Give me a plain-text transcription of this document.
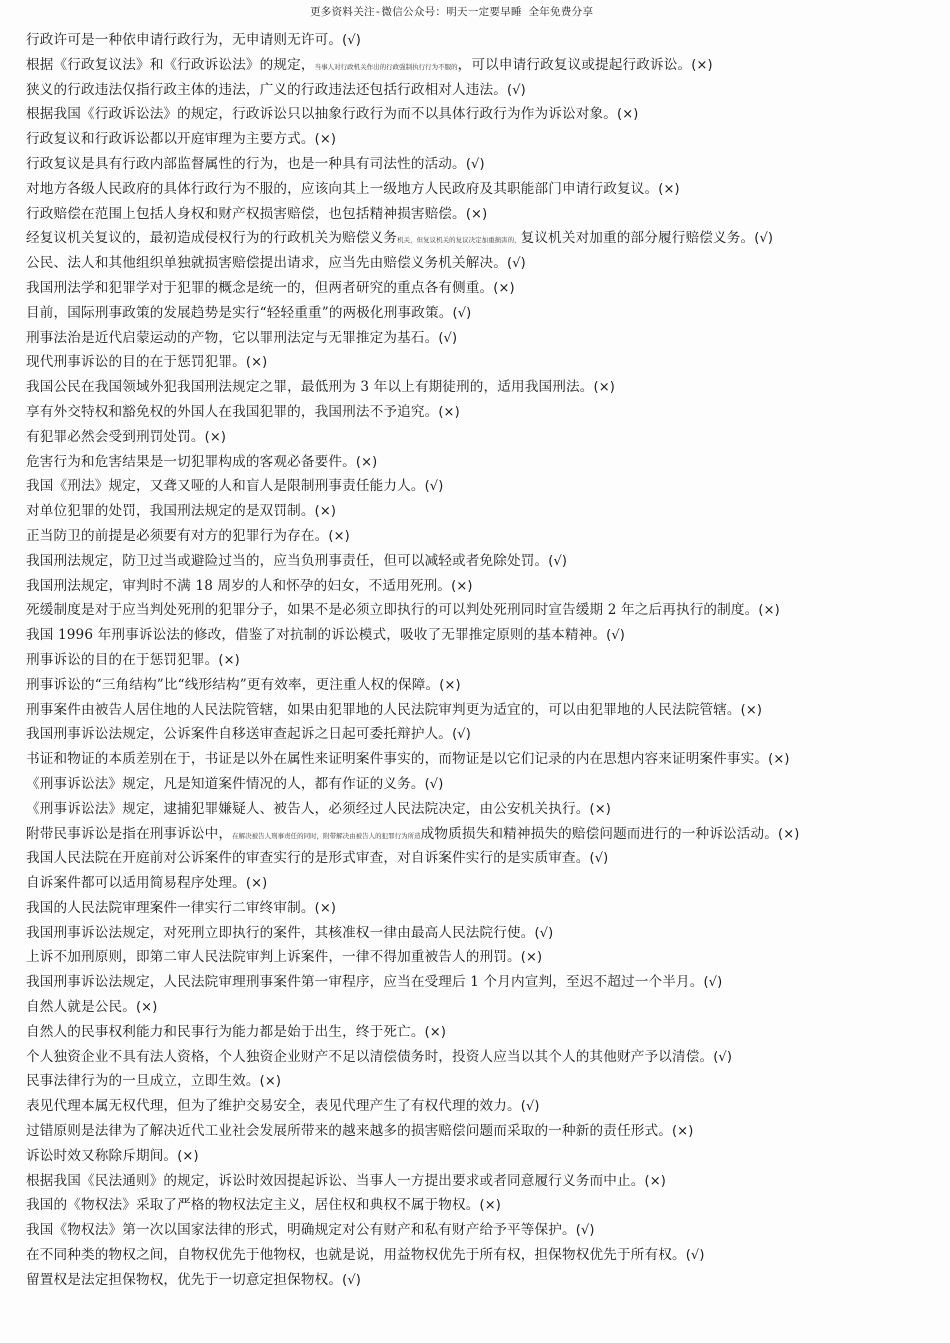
更多资料关注-微信公众号：明天一定要早睡 全年免费分享
行政许可是一种依申请行政行为，无申请则无许可。(√)
根据《行政复议法》和《行政诉讼法》的规定，当事人对行政机关作出的行政强制执行行为不服的，可以申请行政复议或提起行政诉讼。(×)
狭义的行政违法仅指行政主体的违法，广义的行政违法还包括行政相对人违法。(√)
根据我国《行政诉讼法》的规定，行政诉讼只以抽象行政行为而不以具体行政行为作为诉讼对象。(×)
行政复议和行政诉讼都以开庭审理为主要方式。(×)
行政复议是具有行政内部监督属性的行为，也是一种具有司法性的活动。(√)
对地方各级人民政府的具体行政行为不服的，应该向其上一级地方人民政府及其职能部门申请行政复议。(×)
行政赔偿在范围上包括人身权和财产权损害赔偿，也包括精神损害赔偿。(×)
经复议机关复议的，最初造成侵权行为的行政机关为赔偿义务机关，但复议机关的复议决定加重损害的，复议机关对加重的部分履行赔偿义务。(√)
公民、法人和其他组织单独就损害赔偿提出请求，应当先由赔偿义务机关解决。(√)
我国刑法学和犯罪学对于犯罪的概念是统一的，但两者研究的重点各有侧重。(×)
目前，国际刑事政策的发展趋势是实行“轻轻重重”的两极化刑事政策。(√)
刑事法治是近代启蒙运动的产物，它以罪刑法定与无罪推定为基石。(√)
现代刑事诉讼的目的在于惩罚犯罪。(×)
我国公民在我国领域外犯我国刑法规定之罪，最低刑为 3 年以上有期徒刑的，适用我国刑法。(×)
享有外交特权和豁免权的外国人在我国犯罪的，我国刑法不予追究。(×)
有犯罪必然会受到刑罚处罚。(×)
危害行为和危害结果是一切犯罪构成的客观必备要件。(×)
我国《刑法》规定，又聋又哑的人和盲人是限制刑事责任能力人。(√)
对单位犯罪的处罚，我国刑法规定的是双罚制。(×)
正当防卫的前提是必须要有对方的犯罪行为存在。(×)
我国刑法规定，防卫过当或避险过当的，应当负刑事责任，但可以减轻或者免除处罚。(√)
我国刑法规定，审判时不满 18 周岁的人和怀孕的妇女，不适用死刑。(×)
死缓制度是对于应当判处死刑的犯罪分子，如果不是必须立即执行的可以判处死刑同时宣告缓期 2 年之后再执行的制度。(×)
我国 1996 年刑事诉讼法的修改，借鉴了对抗制的诉讼模式，吸收了无罪推定原则的基本精神。(√)
刑事诉讼的目的在于惩罚犯罪。(×)
刑事诉讼的“三角结构”比“线形结构”更有效率，更注重人权的保障。(×)
刑事案件由被告人居住地的人民法院管辖，如果由犯罪地的人民法院审判更为适宜的，可以由犯罪地的人民法院管辖。(×)
我国刑事诉讼法规定，公诉案件自移送审查起诉之日起可委托辩护人。(√)
书证和物证的本质差别在于，书证是以外在属性来证明案件事实的，而物证是以它们记录的内在思想内容来证明案件事实。(×)
《刑事诉讼法》规定，凡是知道案件情况的人，都有作证的义务。(√)
《刑事诉讼法》规定，逮捕犯罪嫌疑人、被告人，必须经过人民法院决定，由公安机关执行。(×)
附带民事诉讼是指在刑事诉讼中，在解决被告人刑事责任的同时，附带解决由被告人的犯罪行为所造成物质损失和精神损失的赔偿问题而进行的一种诉讼活动。(×)
我国人民法院在开庭前对公诉案件的审查实行的是形式审查，对自诉案件实行的是实质审查。(√)
自诉案件都可以适用简易程序处理。(×)
我国的人民法院审理案件一律实行二审终审制。(×)
我国刑事诉讼法规定，对死刑立即执行的案件，其核准权一律由最高人民法院行使。(√)
上诉不加刑原则，即第二审人民法院审判上诉案件，一律不得加重被告人的刑罚。(×)
我国刑事诉讼法规定，人民法院审理刑事案件第一审程序，应当在受理后 1 个月内宣判，至迟不超过一个半月。(√)
自然人就是公民。(×)
自然人的民事权利能力和民事行为能力都是始于出生，终于死亡。(×)
个人独资企业不具有法人资格，个人独资企业财产不足以清偿债务时，投资人应当以其个人的其他财产予以清偿。(√)
民事法律行为的一旦成立，立即生效。(×)
表见代理本属无权代理，但为了维护交易安全，表见代理产生了有权代理的效力。(√)
过错原则是法律为了解决近代工业社会发展所带来的越来越多的损害赔偿问题而采取的一种新的责任形式。(×)
诉讼时效又称除斥期间。(×)
根据我国《民法通则》的规定，诉讼时效因提起诉讼、当事人一方提出要求或者同意履行义务而中止。(×)
我国的《物权法》采取了严格的物权法定主义，居住权和典权不属于物权。(×)
我国《物权法》第一次以国家法律的形式，明确规定对公有财产和私有财产给予平等保护。(√)
在不同种类的物权之间，自物权优先于他物权，也就是说，用益物权优先于所有权，担保物权优先于所有权。(√)
留置权是法定担保物权，优先于一切意定担保物权。(√)
